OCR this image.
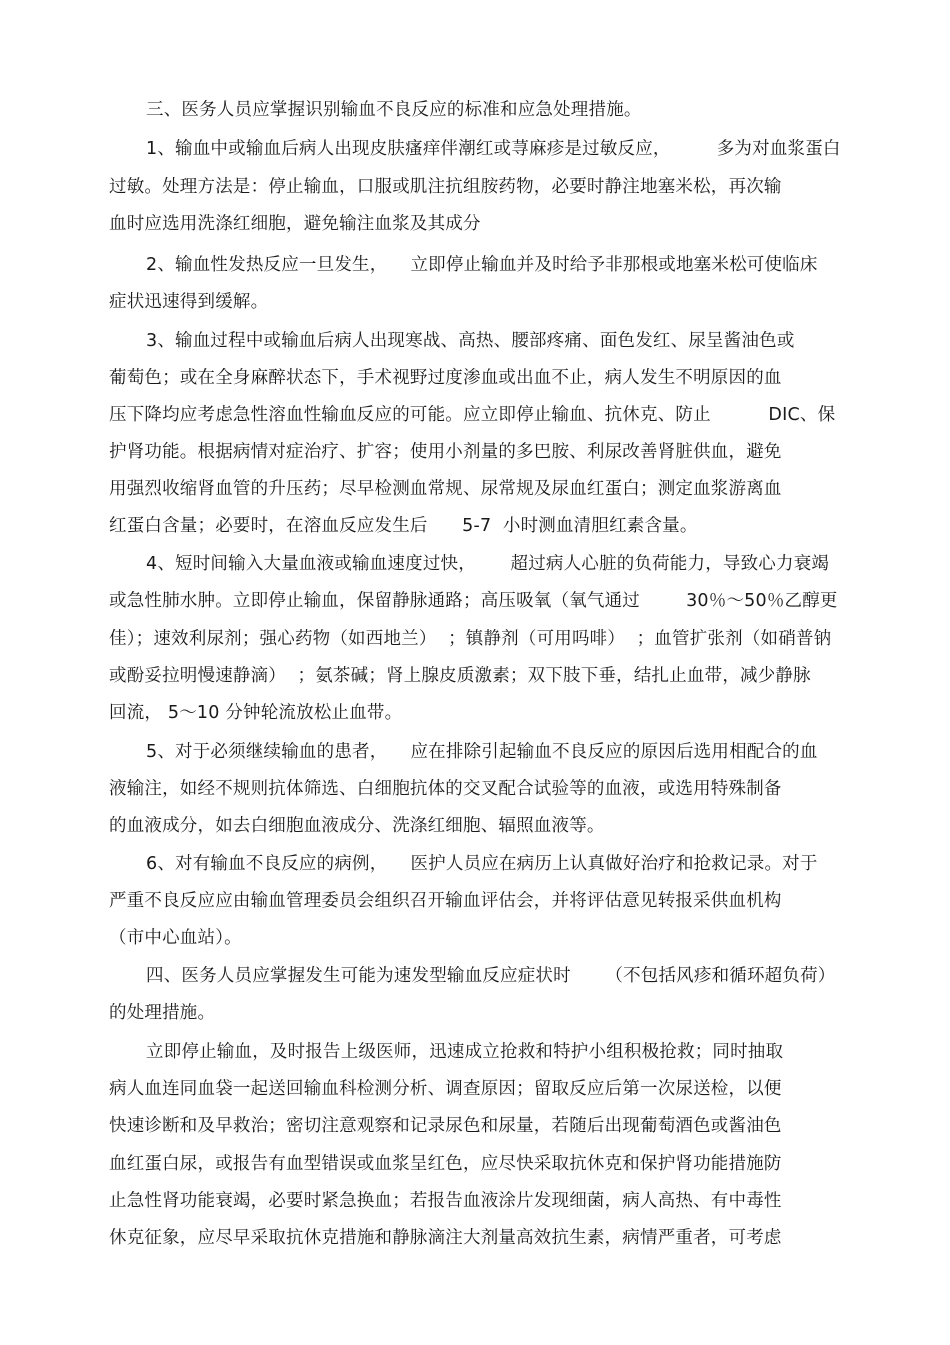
三、医务人员应掌握识别输血不良反应的标准和应急处理措施。
1、输血中或输血后病人出现皮肤瘙痒伴潮红或荨麻疹是过敏反应，        多为对血浆蛋白
过敏。处理方法是：停止输血，口服或肌注抗组胺药物，必要时静注地塞米松，再次输
血时应选用洗涤红细胞，避免输注血浆及其成分
2、输血性发热反应一旦发生，    立即停止输血并及时给予非那根或地塞米松可使临床
症状迅速得到缓解。
3、输血过程中或输血后病人出现寒战、高热、腰部疼痛、面色发红、尿呈酱油色或
葡萄色；或在全身麻醉状态下，手术视野过度渗血或出血不止，病人发生不明原因的血
压下降均应考虑急性溶血性输血反应的可能。应立即停止输血、抗休克、防止          DIC、保
护肾功能。根据病情对症治疗、扩容；使用小剂量的多巴胺、利尿改善肾脏供血，避免
用强烈收缩肾血管的升压药；尽早检测血常规、尿常规及尿血红蛋白；测定血浆游离血
红蛋白含量；必要时，在溶血反应发生后      5-7  小时测血清胆红素含量。
4、短时间输入大量血液或输血速度过快，      超过病人心脏的负荷能力，导致心力衰竭
或急性肺水肿。立即停止输血，保留静脉通路；高压吸氧（氧气通过        30％～50％乙醇更
佳）；速效利尿剂；强心药物（如西地兰）  ；镇静剂（可用吗啡）  ；血管扩张剂（如硝普钠
或酚妥拉明慢速静滴）  ；氨茶碱；肾上腺皮质激素；双下肢下垂，结扎止血带，减少静脉
回流， 5～10 分钟轮流放松止血带。
5、对于必须继续输血的患者，    应在排除引起输血不良反应的原因后选用相配合的血
液输注，如经不规则抗体筛选、白细胞抗体的交叉配合试验等的血液，或选用特殊制备
的血液成分，如去白细胞血液成分、洗涤红细胞、辐照血液等。
6、对有输血不良反应的病例，    医护人员应在病历上认真做好治疗和抢救记录。对于
严重不良反应应由输血管理委员会组织召开输血评估会，并将评估意见转报采供血机构
（市中心血站）。
四、医务人员应掌握发生可能为速发型输血反应症状时      （不包括风疹和循环超负荷）
的处理措施。
立即停止输血，及时报告上级医师，迅速成立抢救和特护小组积极抢救；同时抽取
病人血连同血袋一起送回输血科检测分析、调查原因；留取反应后第一次尿送检，以便
快速诊断和及早救治；密切注意观察和记录尿色和尿量，若随后出现葡萄酒色或酱油色
血红蛋白尿，或报告有血型错误或血浆呈红色，应尽快采取抗休克和保护肾功能措施防
止急性肾功能衰竭，必要时紧急换血；若报告血液涂片发现细菌，病人高热、有中毒性
休克征象，应尽早采取抗休克措施和静脉滴注大剂量高效抗生素，病情严重者，可考虑
